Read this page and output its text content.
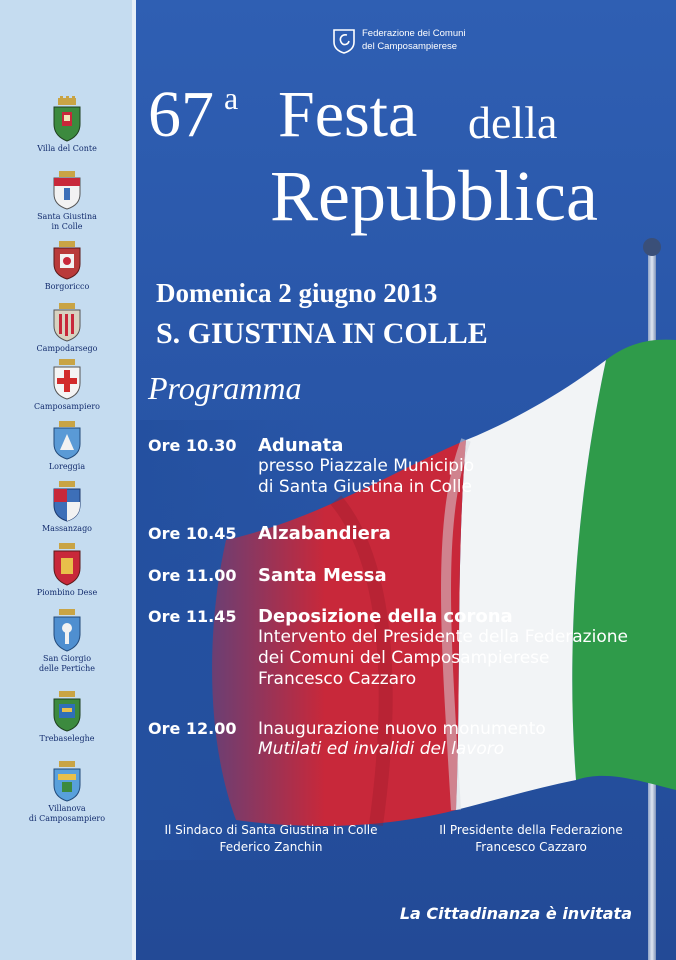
Villa del Conte
Santa Giustina
in Colle
Borgoricco
Campodarsego
Camposampiero
Loreggia
Massanzago
Piombino Dese
San Giorgio
delle Pertiche
Trebaseleghe
Villanova
di Camposampiero
Federazione dei Comuni
del Camposampierese
67 a Festa della
Repubblica
Domenica 2 giugno 2013
S. GIUSTINA IN COLLE
Programma
Ore 10.30 Adunata
presso Piazzale Municipio
di Santa Giustina in Colle
Ore 10.45 Alzabandiera
Ore 11.00 Santa Messa
Ore 11.45 Deposizione della corona
Intervento del Presidente della Federazione
dei Comuni del Camposampierese
Francesco Cazzaro
Ore 12.00 Inaugurazione nuovo monumento
Mutilati ed invalidi del lavoro
Il Sindaco di Santa Giustina in Colle
Federico Zanchin
Il Presidente della Federazione
Francesco Cazzaro
La Cittadinanza è invitata
